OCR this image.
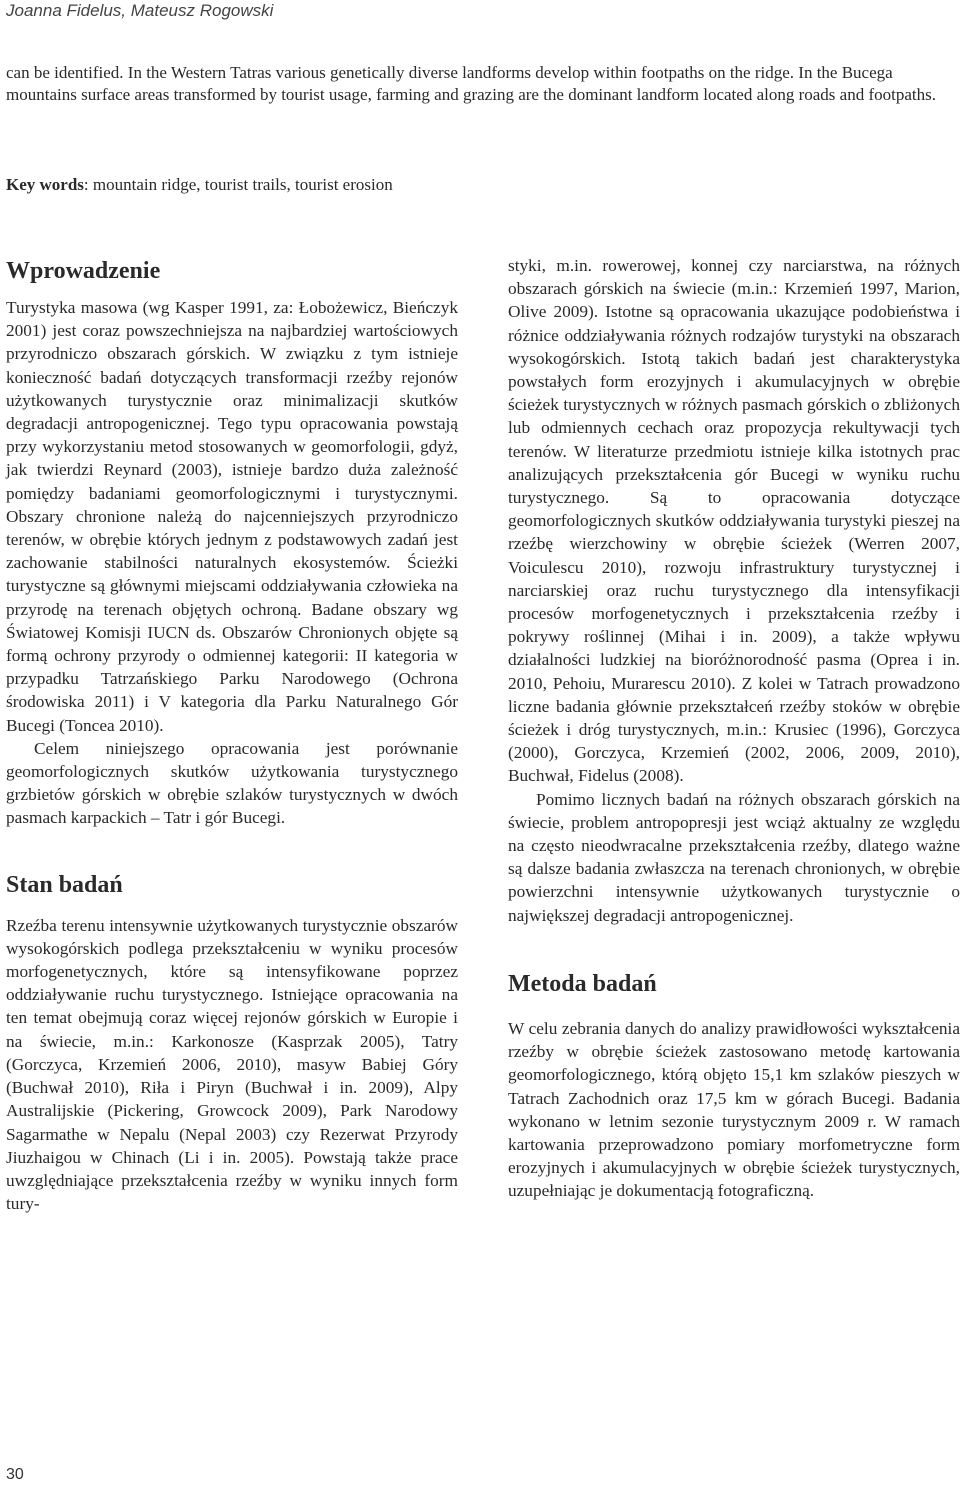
Joanna Fidelus, Mateusz Rogowski

can be identified. In the Western Tatras various genetically diverse landforms develop within footpaths on the ridge. In the Bucega mountains surface areas transformed by tourist usage, farming and grazing are the dominant landform located along roads and footpaths.

Key words: mountain ridge, tourist trails, tourist erosion

Wprowadzenie

Turystyka masowa (wg Kasper 1991, za: Łobożewicz, Bieńczyk 2001) jest coraz powszechniejsza na najbardziej wartościowych przyrodniczo obszarach górskich. W związku z tym istnieje konieczność badań dotyczących transformacji rzeźby rejonów użytkowanych turystycznie oraz minimalizacji skutków degradacji antropogenicznej. Tego typu opracowania powstają przy wykorzystaniu metod stosowanych w geomorfologii, gdyż, jak twierdzi Reynard (2003), istnieje bardzo duża zależność pomiędzy badaniami geomorfologicznymi i turystycznymi. Obszary chronione należą do najcenniejszych przyrodniczo terenów, w obrębie których jednym z podstawowych zadań jest zachowanie stabilności naturalnych ekosystemów. Ścieżki turystyczne są głównymi miejscami oddziaływania człowieka na przyrodę na terenach objętych ochroną. Badane obszary wg Światowej Komisji IUCN ds. Obszarów Chronionych objęte są formą ochrony przyrody o odmiennej kategorii: II kategoria w przypadku Tatrzańskiego Parku Narodowego (Ochrona środowiska 2011) i V kategoria dla Parku Naturalnego Gór Bucegi (Toncea 2010).

Celem niniejszego opracowania jest porównanie geomorfologicznych skutków użytkowania turystycznego grzbietów górskich w obrębie szlaków turystycznych w dwóch pasmach karpackich – Tatr i gór Bucegi.

Stan badań

Rzeźba terenu intensywnie użytkowanych turystycznie obszarów wysokogórskich podlega przekształceniu w wyniku procesów morfogenetycznych, które są intensyfikowane poprzez oddziaływanie ruchu turystycznego. Istniejące opracowania na ten temat obejmują coraz więcej rejonów górskich w Europie i na świecie, m.in.: Karkonosze (Kasprzak 2005), Tatry (Gorczyca, Krzemień 2006, 2010), masyw Babiej Góry (Buchwał 2010), Riła i Piryn (Buchwał i in. 2009), Alpy Australijskie (Pickering, Growcock 2009), Park Narodowy Sagarmathe w Nepalu (Nepal 2003) czy Rezerwat Przyrody Jiuzhaigou w Chinach (Li i in. 2005). Powstają także prace uwzględniające przekształcenia rzeźby w wyniku innych form tury-

styki, m.in. rowerowej, konnej czy narciarstwa, na różnych obszarach górskich na świecie (m.in.: Krzemień 1997, Marion, Olive 2009). Istotne są opracowania ukazujące podobieństwa i różnice oddziaływania różnych rodzajów turystyki na obszarach wysokogórskich. Istotą takich badań jest charakterystyka powstałych form erozyjnych i akumulacyjnych w obrębie ścieżek turystycznych w różnych pasmach górskich o zbliżonych lub odmiennych cechach oraz propozycja rekultywacji tych terenów. W literaturze przedmiotu istnieje kilka istotnych prac analizujących przekształcenia gór Bucegi w wyniku ruchu turystycznego. Są to opracowania dotyczące geomorfologicznych skutków oddziaływania turystyki pieszej na rzeźbę wierzchowiny w obrębie ścieżek (Werren 2007, Voiculescu 2010), rozwoju infrastruktury turystycznej i narciarskiej oraz ruchu turystycznego dla intensyfikacji procesów morfogenetycznych i przekształcenia rzeźby i pokrywy roślinnej (Mihai i in. 2009), a także wpływu działalności ludzkiej na bioróżnorodność pasma (Oprea i in. 2010, Pehoiu, Murarescu 2010). Z kolei w Tatrach prowadzono liczne badania głównie przekształceń rzeźby stoków w obrębie ścieżek i dróg turystycznych, m.in.: Krusiec (1996), Gorczyca (2000), Gorczyca, Krzemień (2002, 2006, 2009, 2010), Buchwał, Fidelus (2008).

Pomimo licznych badań na różnych obszarach górskich na świecie, problem antropopresji jest wciąż aktualny ze względu na często nieodwracalne przekształcenia rzeźby, dlatego ważne są dalsze badania zwłaszcza na terenach chronionych, w obrębie powierzchni intensywnie użytkowanych turystycznie o największej degradacji antropogenicznej.

Metoda badań

W celu zebrania danych do analizy prawidłowości wykształcenia rzeźby w obrębie ścieżek zastosowano metodę kartowania geomorfologicznego, którą objęto 15,1 km szlaków pieszych w Tatrach Zachodnich oraz 17,5 km w górach Bucegi. Badania wykonano w letnim sezonie turystycznym 2009 r. W ramach kartowania przeprowadzono pomiary morfometryczne form erozyjnych i akumulacyjnych w obrębie ścieżek turystycznych, uzupełniając je dokumentacją fotograficzną.

30
